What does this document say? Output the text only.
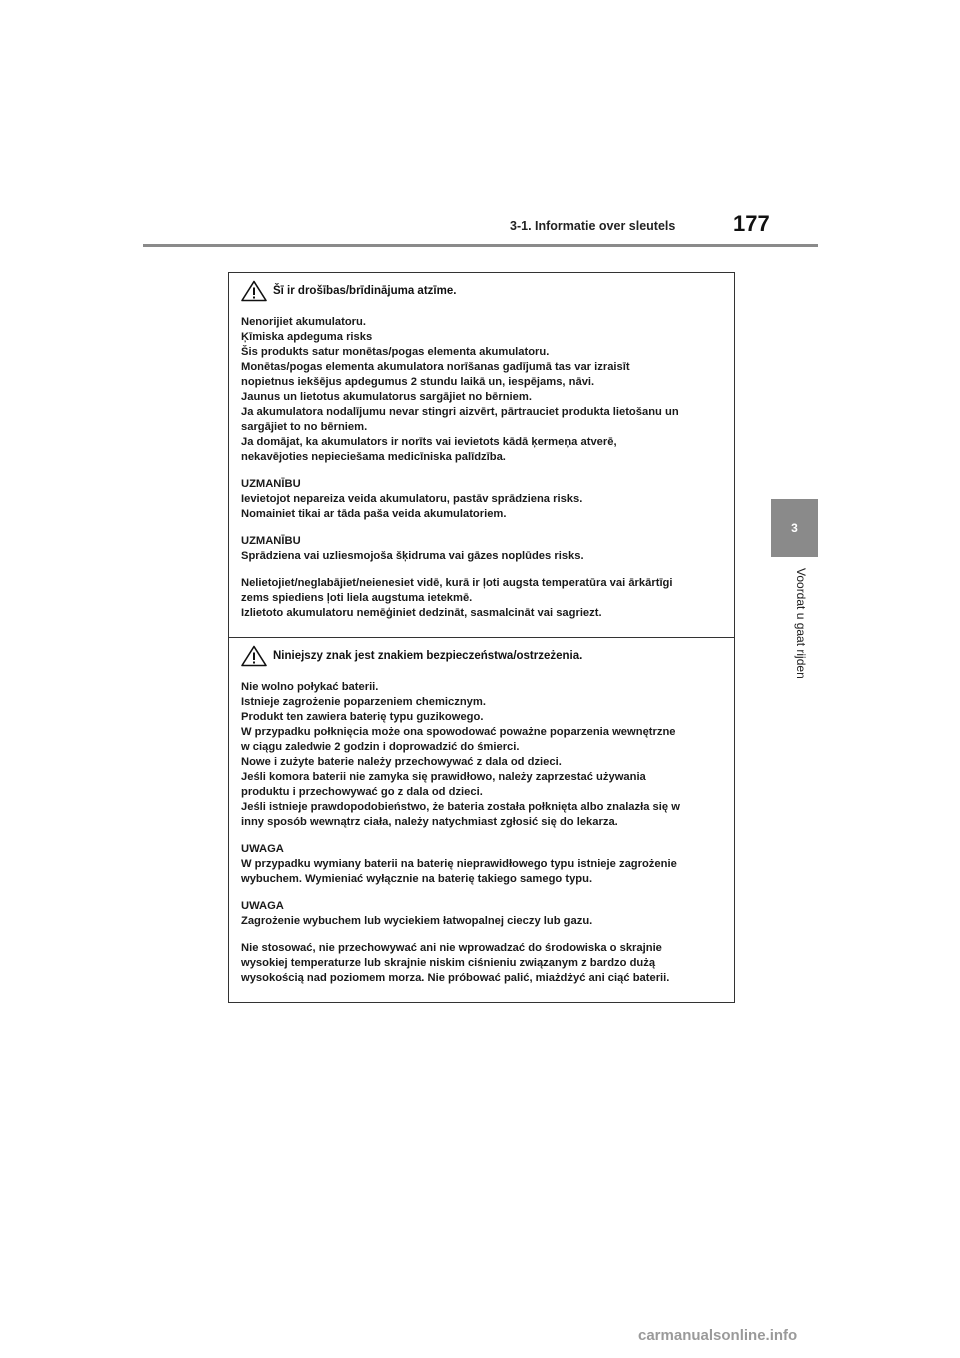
3-1. Informatie over sleutels	177
3
Voordat u gaat rijden
Šī ir drošības/brīdinājuma atzīme.
Nenorijiet akumulatoru.
Ķīmiska apdeguma risks
Šis produkts satur monētas/pogas elementa akumulatoru.
Monētas/pogas elementa akumulatora norīšanas gadījumā tas var izraisīt
nopietnus iekšējus apdegumus 2 stundu laikā un, iespējams, nāvi.
Jaunus un lietotus akumulatorus sargājiet no bērniem.
Ja akumulatora nodalījumu nevar stingri aizvērt, pārtrauciet produkta lietošanu un
sargājiet to no bērniem.
Ja domājat, ka akumulators ir norīts vai ievietots kādā ķermeņa atverē,
nekavējoties nepieciešama medicīniska palīdzība.
UZMANĪBU
Ievietojot nepareiza veida akumulatoru, pastāv sprādziena risks.
Nomainiet tikai ar tāda paša veida akumulatoriem.
UZMANĪBU
Sprādziena vai uzliesmojoša šķidruma vai gāzes noplūdes risks.
Nelietojiet/neglabājiet/neienesiet vidē, kurā ir ļoti augsta temperatūra vai ārkārtīgi
zems spiediens ļoti liela augstuma ietekmē.
Izlietoto akumulatoru nemēģiniet dedzināt, sasmalcināt vai sagriezt.
Niniejszy znak jest znakiem bezpieczeństwa/ostrzeżenia.
Nie wolno połykać baterii.
Istnieje zagrożenie poparzeniem chemicznym.
Produkt ten zawiera baterię typu guzikowego.
W przypadku połknięcia może ona spowodować poważne poparzenia wewnętrzne
w ciągu zaledwie 2 godzin i doprowadzić do śmierci.
Nowe i zużyte baterie należy przechowywać z dala od dzieci.
Jeśli komora baterii nie zamyka się prawidłowo, należy zaprzestać używania
produktu i przechowywać go z dala od dzieci.
Jeśli istnieje prawdopodobieństwo, że bateria została połknięta albo znalazła się w
inny sposób wewnątrz ciała, należy natychmiast zgłosić się do lekarza.
UWAGA
W przypadku wymiany baterii na baterię nieprawidłowego typu istnieje zagrożenie
wybuchem. Wymieniać wyłącznie na baterię takiego samego typu.
UWAGA
Zagrożenie wybuchem lub wyciekiem łatwopalnej cieczy lub gazu.
Nie stosować, nie przechowywać ani nie wprowadzać do środowiska o skrajnie
wysokiej temperaturze lub skrajnie niskim ciśnieniu związanym z bardzo dużą
wysokością nad poziomem morza. Nie próbować palić, miażdżyć ani ciąć baterii.
carmanualsonline.info
